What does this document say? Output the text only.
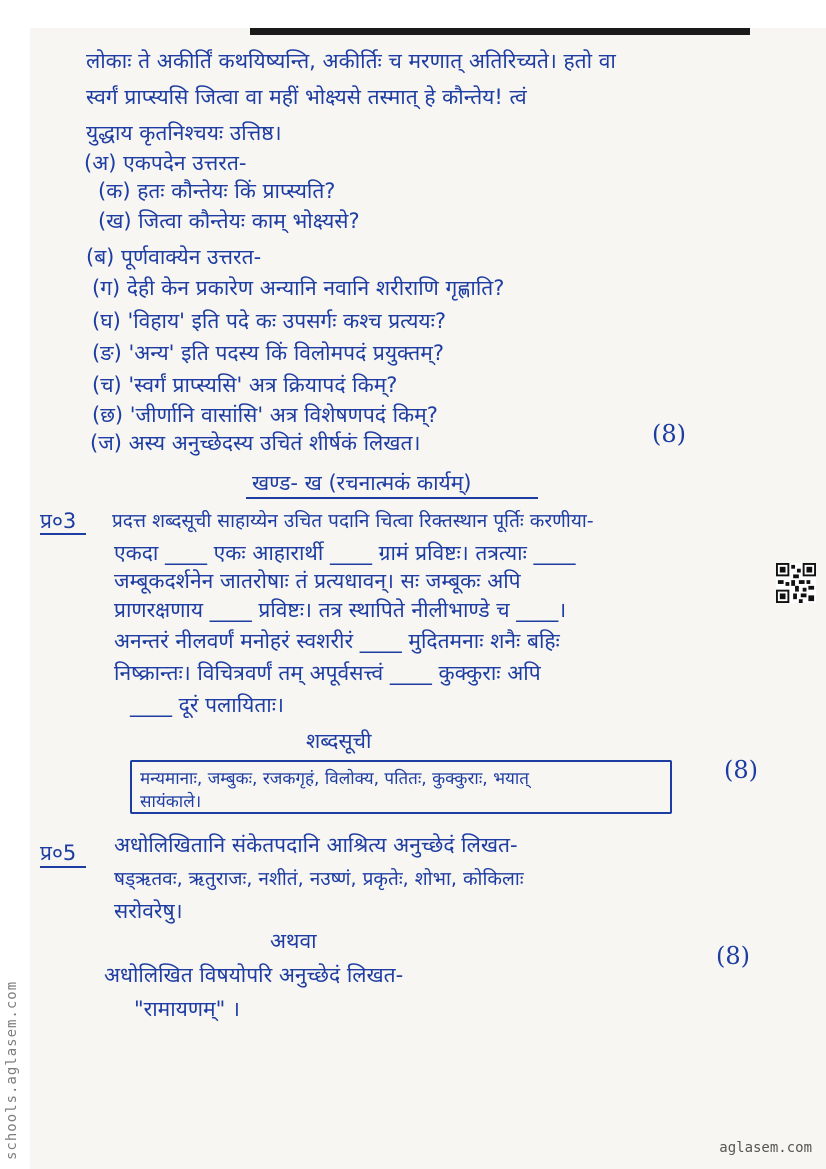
लोकाः ते अकीर्तिं कथयिष्यन्ति, अकीर्तिः च मरणात् अतिरिच्यते। हतो वा
स्वर्गं प्राप्स्यसि जित्वा वा महीं भोक्ष्यसे तस्मात् हे कौन्तेय! त्वं
युद्धाय कृतनिश्चयः उत्तिष्ठ।
(अ) एकपदेन उत्तरत-
(क) हतः कौन्तेयः किं प्राप्स्यति?
(ख) जित्वा कौन्तेयः काम् भोक्ष्यसे?
(ब) पूर्णवाक्येन उत्तरत-
(ग) देही केन प्रकारेण अन्यानि नवानि शरीराणि गृह्णाति?
(घ) 'विहाय' इति पदे कः उपसर्गः कश्च प्रत्ययः?
(ङ) 'अन्य' इति पदस्य किं विलोमपदं प्रयुक्तम्?
(च) 'स्वर्गं प्राप्स्यसि' अत्र क्रियापदं किम्?
(छ) 'जीर्णानि वासांसि' अत्र विशेषणपदं किम्?
(ज) अस्य अनुच्छेदस्य उचितं शीर्षकं लिखत।	(8)
खण्ड- ख (रचनात्मकं कार्यम्)
प्र०3 प्रदत्त शब्दसूची साहाय्येन उचित पदानि चित्वा रिक्तस्थान पूर्तिः करणीया-
एकदा ____ एकः आहारार्थी ____ ग्रामं प्रविष्टः। तत्रत्याः ____
जम्बूकदर्शनेन जातरोषाः तं प्रत्यधावन्। सः जम्बूकः अपि
प्राणरक्षणाय ____ प्रविष्टः। तत्र स्थापिते नीलीभाण्डे च ____।
अनन्तरं नीलवर्णं मनोहरं स्वशरीरं ____ मुदितमनाः शनैः बहिः
निष्क्रान्तः। विचित्रवर्णं तम् अपूर्वसत्त्वं ____ कुक्कुराः अपि
____ दूरं पलायिताः।
शब्दसूची
मन्यमानाः, जम्बुकः, रजकगृहं, विलोक्य, पतितः, कुक्कुराः, भयात्
सायंकाले।
(8)
प्र०5 अधोलिखितानि संकेतपदानि आश्रित्य अनुच्छेदं लिखत-
षड्ऋतवः, ऋतुराजः, नशीतं, नउष्णं, प्रकृतेः, शोभा, कोकिलाः
सरोवरेषु।
अथवा
(8)
अधोलिखित विषयोपरि अनुच्छेदं लिखत-
"रामायणम्" ।
schools.aglasem.com	aglasem.com
